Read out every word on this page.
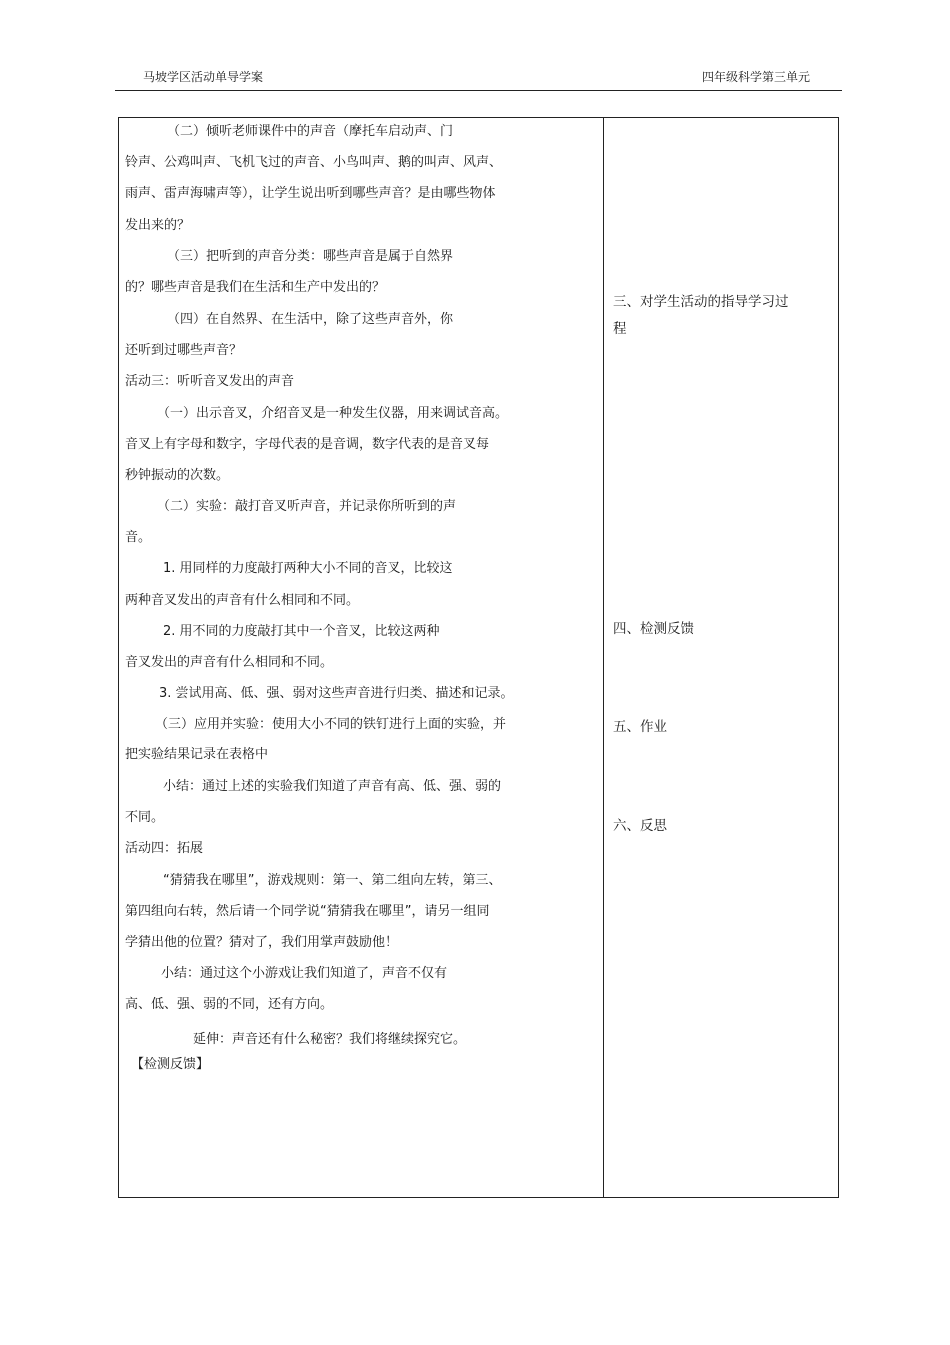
马坡学区活动单导学案	四年级科学第三单元
（二）倾听老师课件中的声音（摩托车启动声、门
铃声、公鸡叫声、飞机飞过的声音、小鸟叫声、鹅的叫声、风声、
雨声、雷声海啸声等），让学生说出听到哪些声音？是由哪些物体
发出来的？
（三）把听到的声音分类：哪些声音是属于自然界
的？哪些声音是我们在生活和生产中发出的？
（四）在自然界、在生活中，除了这些声音外，你
还听到过哪些声音？
活动三：听听音叉发出的声音
（一）出示音叉，介绍音叉是一种发生仪器，用来调试音高。
音叉上有字母和数字，字母代表的是音调，数字代表的是音叉每
秒钟振动的次数。
（二）实验：敲打音叉听声音，并记录你所听到的声
音。
1. 用同样的力度敲打两种大小不同的音叉，比较这
两种音叉发出的声音有什么相同和不同。
2. 用不同的力度敲打其中一个音叉，比较这两种
音叉发出的声音有什么相同和不同。
3. 尝试用高、低、强、弱对这些声音进行归类、描述和记录。
（三）应用并实验：使用大小不同的铁钉进行上面的实验，并
把实验结果记录在表格中
小结：通过上述的实验我们知道了声音有高、低、强、弱的
不同。
活动四：拓展
“猜猜我在哪里”，游戏规则：第一、第二组向左转，第三、
第四组向右转，然后请一个同学说“猜猜我在哪里”，请另一组同
学猜出他的位置？猜对了，我们用掌声鼓励他！
小结：通过这个小游戏让我们知道了，声音不仅有
高、低、强、弱的不同，还有方向。
延伸：声音还有什么秘密？我们将继续探究它。
【检测反馈】
三、对学生活动的指导学习过
程
四、检测反馈
五、作业
六、反思
